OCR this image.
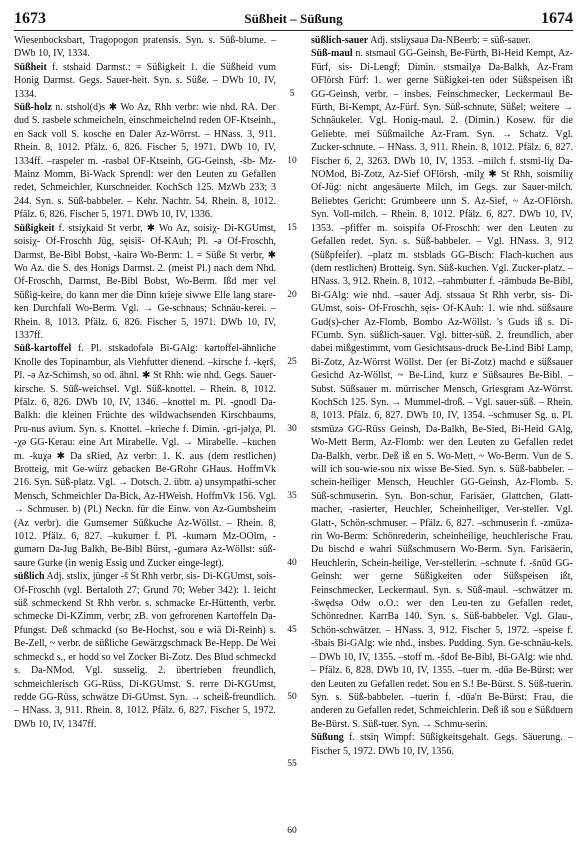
1673	Süßheit – Süßung	1674

Wiesenbocksbart, Tragopogon pratensis. Syn. s. Süß-blume. – DWb 10, IV, 1334.

Süßheit f. stshaid Darmst.: = Süßigkeit 1. die Süßheid vum Honig Darmst. Gegs. Sauer-heit. Syn. s. Süße. – DWb 10, IV, 1334.

Süß-holz n. stshol(d)s ✱ Wo Az, Rhh verbr: wie nhd. RA. Der dud S. rasbele schmeicheln, einschmeichelnd reden OF-Ktseinh., en Sack voll S. kosche en Daler Az-Wörrst. – HNass. 3, 911. Rhein. 8, 1012. Pfälz. 6, 826. Fischer 5, 1971. DWb 10, IV, 1334ff. –raspeler m. -rasbəl OF-Ktseinh, GG-Geinsh, -šb- Mz-Mainz Momm, Bi-Wack Sprendl: wer den Leuten zu Gefallen redet, Schmeichler, Kurschneider. KochSch 125. MzWb 233; 3 244. Syn. s. Süß-babbeler. – Kehr. Nachtr. 54. Rhein. 8, 1012. Pfälz. 6, 826. Fischer 5, 1971. DWb 10, IV, 1336.

Süßigkeit f. stsiχkaid St verbr, ✱ Wo Az, soisiχ- Di-KGUmst, soisiχ- Of-Froschh Jüg, sęisiš- Of-KAuh; Pl. -ə Of-Froschh, Darmst, Be-Bibl Bobst, -kairə Wo-Berm: 1. = Süße St verbr, ✱ Wo Az. die S. des Honigs Darmst. 2. (meist Pl.) nach dem Nhd. Of-Froschh, Darmst, Be-Bibl Bobst, Wo-Berm. Ißd mer vel Süßig-keire, do kann mer die Dinn krieje siwwe Elle lang stare-ken Durchfall Wo-Berm. Vgl. → Ge-schnaus; Schnäu-kerei. – Rhein. 8, 1013. Pfälz. 6, 826. Fischer 5, 1971. DWb 10, IV, 1337ff.

Süß-kartoffel f. Pl. stskadofələ Bi-GAlg: kartoffel-ähnliche Knolle des Topinambur, als Viehfutter dienend. –kirsche f. -kęrš, Pl. -ə Az-Schimsh, so od. ähnl. ✱ St Rhh: wie nhd. Gegs. Sauer-kirsche. S. Süß-weichsel. Vgl. Süß-knottel. – Rhein. 8, 1012. Pfälz. 6, 826. DWb 10, IV, 1346. –knottel m. Pl. -gnodl Da-Balkh: die kleinen Früchte des wildwachsenden Kirschbaums, Pru-nus avium. Syn. s. Knottel. –krieche f. Dimin. -gri-jəlχə, Pl. -χə GG-Kerau: eine Art Mirabelle. Vgl. → Mirabelle. –kuchen m. -kuχə ✱ Da sRied, Az verbr: 1. K. aus (dem restlichen) Brotteig, mit Ge-würz gebacken Be-GRohr GHaus. HoffmVk 216. Syn. Süß-platz. Vgl. → Dotsch. 2. übtr. a) unsympathi-scher Mensch, Schmeichler Da-Bick, Az-HWeish. HoffmVk 156. Vgl. → Schmuser. b) (Pl.) Neckn. für die Einw. von Az-Gumbsheim (Az verbr). die Gumsemer Süßkuche Az-Wöllst. – Rhein. 8, 1012. Pfälz. 6, 827. –kukumer f. Pl. -kumərn Mz-OOlm, -gumərn Da-Jug Balkh, Be-Bibl Bürst, -gumərə Az-Wöllst: süß-saure Gurke (in wenig Essig und Zucker einge-legt).

süßlich Adj. stslix, jünger -š St Rhh verbr, sis- Di-KGUmst, sois- Of-Froschh (vgl. Bertaloth 27; Grund 70; Weber 342): 1. leicht süß schmeckend St Rhh verbr. s. schmacke Er-Hüttenth, verbr. schmecke Di-KZimm, verbr; zB. von gefrorenen Kartoffeln Da-Pfungst. Deß schmackd (so Be-Hochst, sou e wiä Di-Reinh) s. Be-Zell, ~ verbr. de süßliche Gewärzgschmack Be-Hepp. De Wei schmeckd s., er hodd so vel Zocker Bi-Zotz. Des Blud schmeckd s. Da-NMod. Vgl. susselig. 2. übertrieben freundlich, schmeichlerisch GG-Rüss, Di-KGUmst. S. rerre Di-KGUmst, redde GG-Rüss, schwätze Di-GUmst. Syn. → scheiß-freundlich. – HNass. 3, 911. Rhein. 8, 1012. Pfälz. 6, 827. Fischer 5, 1972. DWb 10, IV, 1347ff.

5
10
15
20
25
30
35
40
45
50
55
60

süßlich-sauer Adj. stsliχsauə Da-NBeerb: = süß-sauer.

Süß-maul n. stsmaul GG-Geinsh, Be-Fürth, Bi-Heid Kempt, Az-Fürf, sis- Di-Lengf; Dimin. stsmailχə Da-Balkh, Az-Fram OFlörsh Fürf: 1. wer gerne Süßigkei-ten oder Süßspeisen ißt GG-Geinsh, verbr. – insbes. Feinschmecker, Leckermaul Be-Fürth, Bi-Kempt, Az-Fürf. Syn. Süß-schnute, Süßel; weitere → Schnäukeler. Vgl. Honig-maul. 2. (Dimin.) Kosew. für die Geliebte. mei Süßmailche Az-Fram. Syn. → Schatz. Vgl. Zucker-schnute. – HNass. 3, 911. Rhein. 8, 1012. Pfälz. 6, 827. Fischer 6, 2, 3263. DWb 10, IV, 1353. –milch f. stsmi-liχ Da-NOMod, Bi-Zotz, Az-Sief OFlörsh, -milχ ✱ St Rhh, soismiliχ Of-Jüg: nicht angesäuerte Milch, im Gegs. zur Sauer-milch. Beliebtes Gericht: Grumbeere unn S. Az-Sief, ~ Az-OFlörsh. Syn. Voll-milch. – Rhein. 8, 1012. Pfälz. 6, 827. DWb 10, IV, 1353. –pfiffer m. soispifə Of-Froschh: wer den Leuten zu Gefallen redet. Syn. s. Süß-babbeler. – Vgl. HNass. 3, 912 (Süßpfeifer). –platz m. stsblads GG-Bisch: Flach-kuchen aus (dem restlichen) Brotteig. Syn. Süß-kuchen. Vgl. Zucker-platz. – HNass. 3, 912. Rhein. 8, 1012. –rahmbutter f. -rāmbudə Be-Bibl, Bi-GAlg: wie nhd. –sauer Adj. stssauə St Rhh verbr, sis- Di-GUmst, sois- Of-Froschh, sęis- Of-KAuh: 1. wie nhd. süßsaure Gud(s)-cher Az-Flomb, Bombo Az-Wöllst. 's Guds iß s. Di-FCumb. Syn. süßlich-sauer. Vgl. bitter-süß. 2. freundlich, aber dabei mißgestimmt, vom Gesichtsaus-druck Be-Lind Bibl Lamp, Bi-Zotz, Az-Wörrst Wöllst. Der (er Bi-Zotz) machd e süßsauer Gesichd Az-Wöllst, ~ Be-Lind, kurz e Süßsaures Be-Bibl. – Subst. Süßsauer m. mürrischer Mensch, Griesgram Az-Wörrst. KochSch 125. Syn. → Mummel-droß. – Vgl. sauer-süß. – Rhein. 8, 1013. Pfälz. 6, 827. DWb 10, IV, 1354. –schmuser Sg. u. Pl. stsmūzə GG-Rüss Geinsh, Da-Balkh, Be-Sied, Bi-Heid GAlg, Wo-Mett Berm, Az-Flomb: wer den Leuten zu Gefallen redet Da-Balkh, verbr. Deß iß en S. Wo-Mett, ~ Wo-Berm. Vun de S. will ich sou-wie-sou nix wisse Be-Sied. Syn. s. Süß-babbeler. – schein-heiliger Mensch, Heuchler GG-Geinsh, Az-Flomb. S. Süß-schmuserin. Syn. Bon-schur, Farisäer, Glattchen, Glatt-macher, -rasierter, Heuchler, Scheinheiliger, Ver-steller. Vgl. Glatt-, Schön-schmuser. – Pfälz. 6, 827. –schmuserin f. -zmūzə-rin Wo-Berm: Schönrederin, scheinheilige, heuchlerische Frau. Du bischd e wahri Süßschmusern Wo-Berm. Syn. Farisäerin, Heuchlerin, Schein-heilige, Ver-stellerin. –schnute f. -šnūd GG-Geinsh: wer gerne Süßigkeiten oder Süßspeisen ißt, Feinschmecker, Leckermaul. Syn. s. Süß-maul. –schwätzer m. -šwędsə Odw o.O.: wer den Leu-ten zu Gefallen redet, Schönredner. KarrBa 140. Syn. s. Süß-babbeler. Vgl. Glau-, Schön-schwätzer. – HNass. 3, 912. Fischer 5, 1972. –speise f. -šbais Bi-GAlg: wie nhd., insbes. Pudding. Syn. Ge-schnäu-kels. – DWb 10, IV, 1355. –stoff m. -šdof Be-Bibl, Bi-GAlg: wie nhd. – Pfälz. 6, 828. DWb 10, IV, 1355. –tuer m. -dūə Be-Bürst: wer den Leuten zu Gefallen redet. Sou en S.! Be-Bürst. S. Süß-tuerin. Syn. s. Süß-babbeler. –tuerin f. -dūə'n Be-Bürst: Frau, die anderen zu Gefallen redet, Schmeichlerin. Deß iß sou e Süßduern Be-Bürst. S. Süß-tuer. Syn. → Schmu-serin.

Süßung f. stsiη Wimpf: Süßigkeitsgehalt. Gegs. Säuerung. – Fischer 5, 1972. DWb 10, IV, 1356.
